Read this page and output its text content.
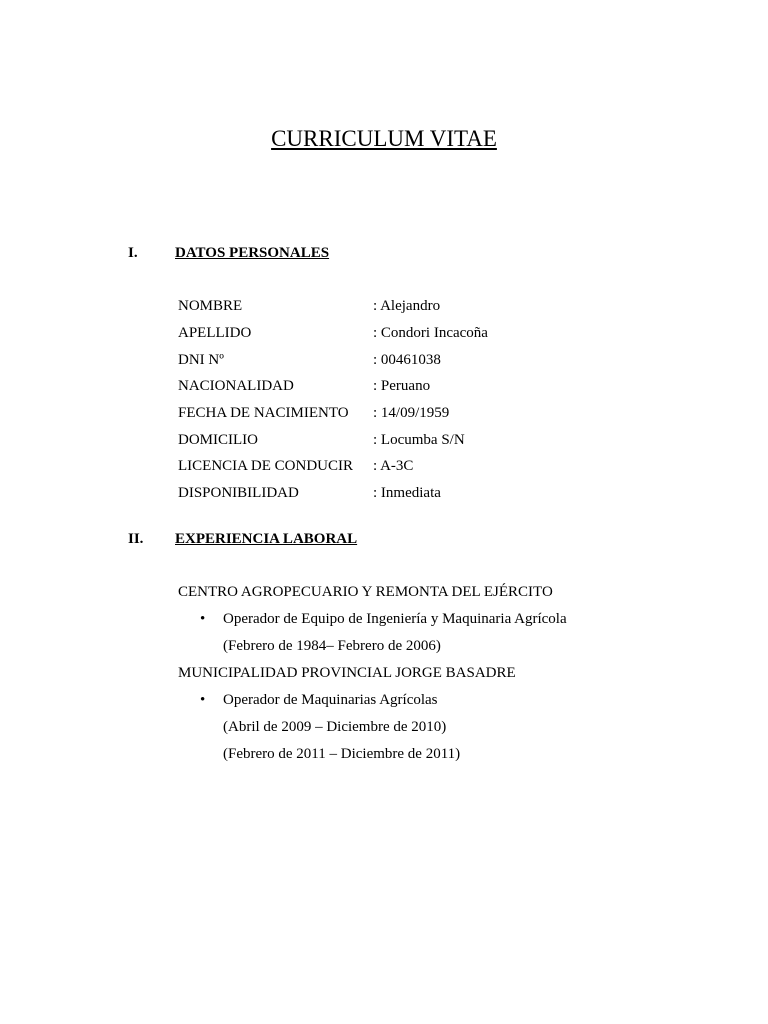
CURRICULUM VITAE
I. DATOS PERSONALES
NOMBRE	: Alejandro
APELLIDO	: Condori Incacoña
DNI Nº	: 00461038
NACIONALIDAD	: Peruano
FECHA DE NACIMIENTO : 14/09/1959
DOMICILIO	: Locumba S/N
LICENCIA DE CONDUCIR : A-3C
DISPONIBILIDAD	: Inmediata
II. EXPERIENCIA LABORAL
CENTRO AGROPECUARIO Y REMONTA DEL EJÉRCITO
• Operador de Equipo de Ingeniería y Maquinaria Agrícola
(Febrero de 1984– Febrero de 2006)
MUNICIPALIDAD PROVINCIAL JORGE BASADRE
• Operador de Maquinarias Agrícolas
(Abril de 2009 – Diciembre de 2010)
(Febrero de 2011 – Diciembre de 2011)
